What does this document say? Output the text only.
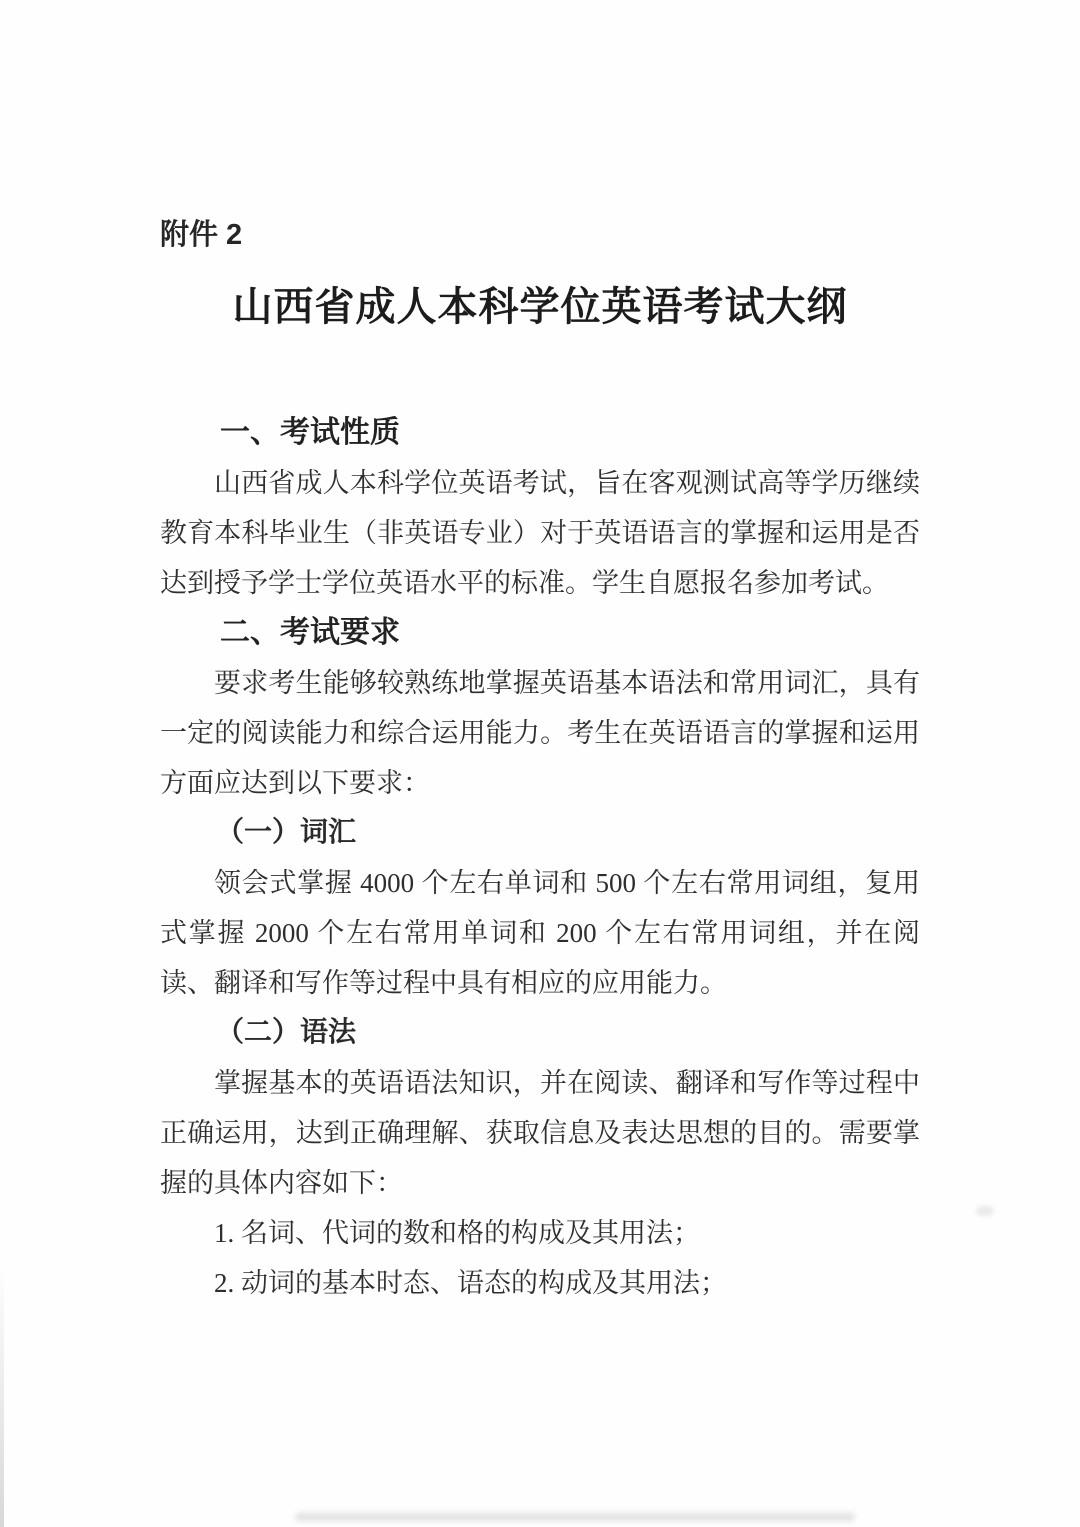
附件 2
山西省成人本科学位英语考试大纲
一、考试性质

山西省成人本科学位英语考试，旨在客观测试高等学历继续教育本科毕业生（非英语专业）对于英语语言的掌握和运用是否达到授予学士学位英语水平的标准。学生自愿报名参加考试。

二、考试要求

要求考生能够较熟练地掌握英语基本语法和常用词汇，具有一定的阅读能力和综合运用能力。考生在英语语言的掌握和运用方面应达到以下要求：

（一）词汇

领会式掌握 4000 个左右单词和 500 个左右常用词组，复用式掌握 2000 个左右常用单词和 200 个左右常用词组，并在阅读、翻译和写作等过程中具有相应的应用能力。

（二）语法

掌握基本的英语语法知识，并在阅读、翻译和写作等过程中正确运用，达到正确理解、获取信息及表达思想的目的。需要掌握的具体内容如下：

1. 名词、代词的数和格的构成及其用法；

2. 动词的基本时态、语态的构成及其用法；
